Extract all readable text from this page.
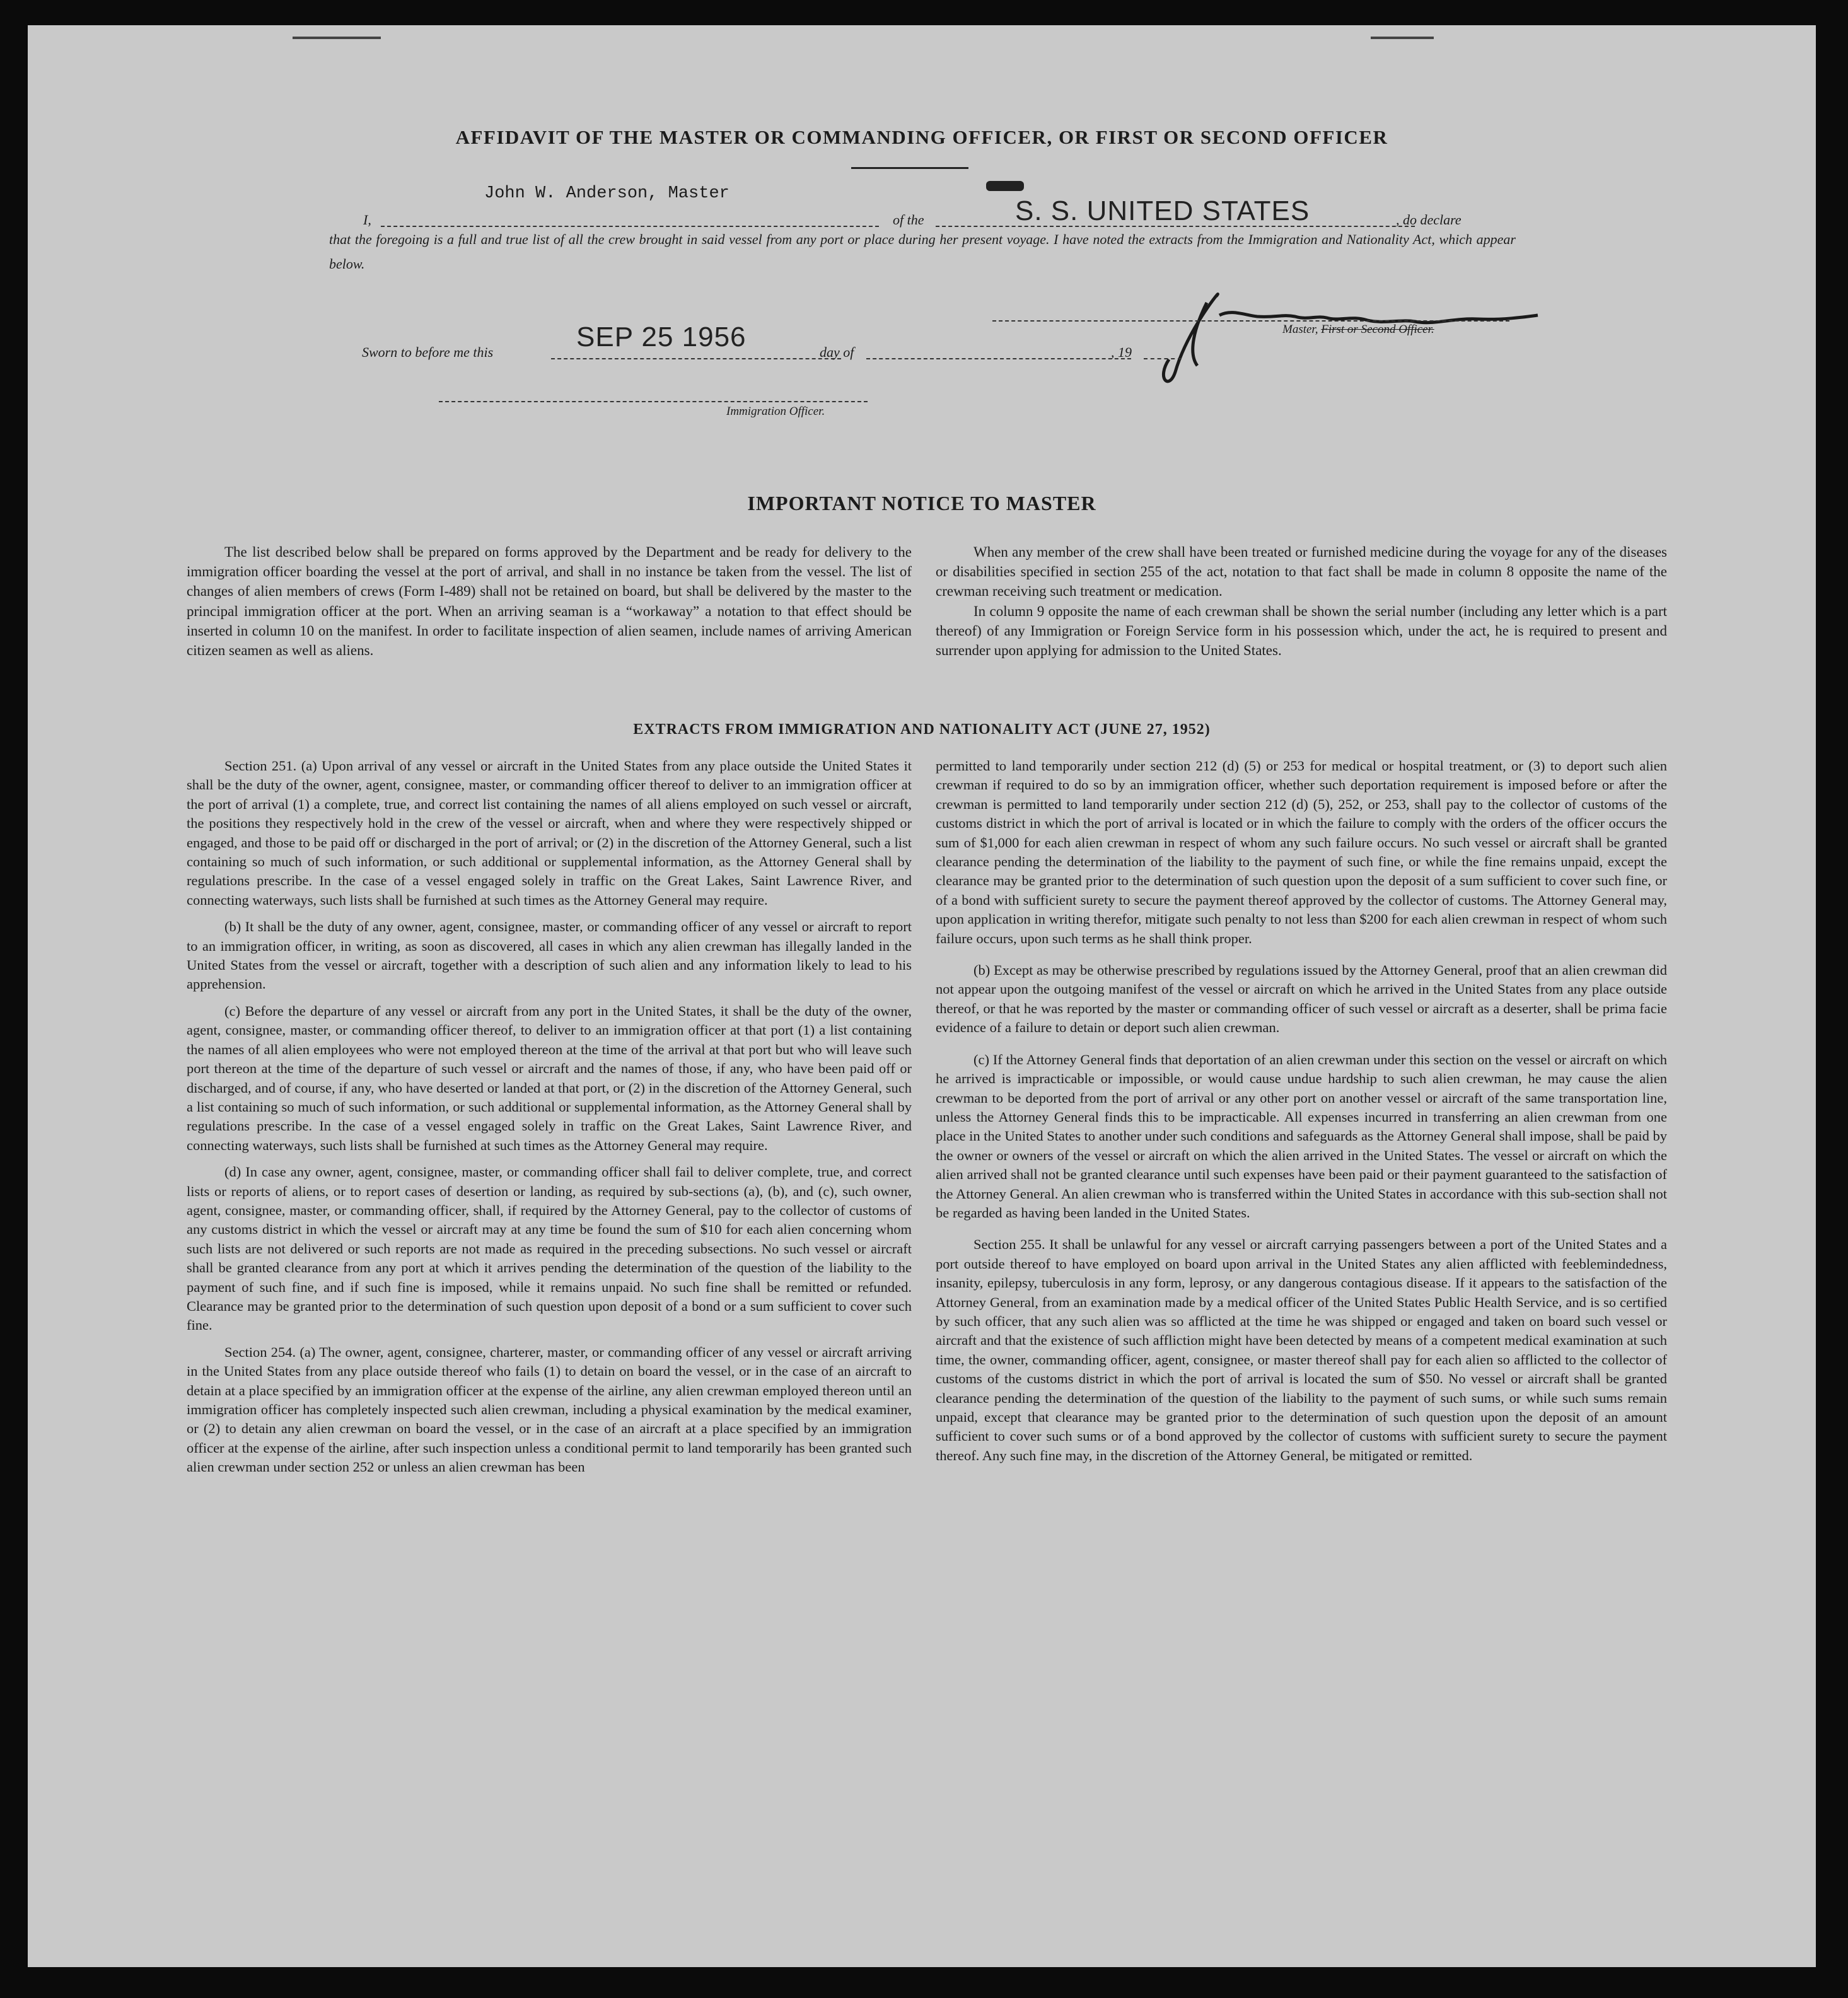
AFFIDAVIT OF THE MASTER OR COMMANDING OFFICER, OR FIRST OR SECOND OFFICER
I,
John W. Anderson, Master
of the	S. S. UNITED STATES	, do declare
that the foregoing is a full and true list of all the crew brought in said vessel from any port or place during her present voyage. I have noted the extracts from the Immigration and Nationality Act, which appear below.
Master, First or Second Officer.
Sworn to before me this	SEP 25 1956	day of	, 19
Immigration Officer.
IMPORTANT NOTICE TO MASTER

The list described below shall be prepared on forms approved by the Department and be ready for delivery to the immigration officer boarding the vessel at the port of arrival, and shall in no instance be taken from the vessel. The list of changes of alien members of crews (Form I-489) shall not be retained on board, but shall be delivered by the master to the principal immigration officer at the port. When an arriving seaman is a “workaway” a notation to that effect should be inserted in column 10 on the manifest. In order to facilitate inspection of alien seamen, include names of arriving American citizen seamen as well as aliens.

When any member of the crew shall have been treated or furnished medicine during the voyage for any of the diseases or disabilities specified in section 255 of the act, notation to that fact shall be made in column 8 opposite the name of the crewman receiving such treatment or medication.

In column 9 opposite the name of each crewman shall be shown the serial number (including any letter which is a part thereof) of any Immigration or Foreign Service form in his possession which, under the act, he is required to present and surrender upon applying for admission to the United States.

EXTRACTS FROM IMMIGRATION AND NATIONALITY ACT (JUNE 27, 1952)

Section 251. (a) Upon arrival of any vessel or aircraft in the United States from any place outside the United States it shall be the duty of the owner, agent, consignee, master, or commanding officer thereof to deliver to an immigration officer at the port of arrival (1) a complete, true, and correct list containing the names of all aliens employed on such vessel or aircraft, the positions they respectively hold in the crew of the vessel or aircraft, when and where they were respectively shipped or engaged, and those to be paid off or discharged in the port of arrival; or (2) in the discretion of the Attorney General, such a list containing so much of such information, or such additional or supplemental information, as the Attorney General shall by regulations prescribe. In the case of a vessel engaged solely in traffic on the Great Lakes, Saint Lawrence River, and connecting waterways, such lists shall be furnished at such times as the Attorney General may require.

(b) It shall be the duty of any owner, agent, consignee, master, or commanding officer of any vessel or aircraft to report to an immigration officer, in writing, as soon as discovered, all cases in which any alien crewman has illegally landed in the United States from the vessel or aircraft, together with a description of such alien and any information likely to lead to his apprehension.

(c) Before the departure of any vessel or aircraft from any port in the United States, it shall be the duty of the owner, agent, consignee, master, or commanding officer thereof, to deliver to an immigration officer at that port (1) a list containing the names of all alien employees who were not employed thereon at the time of the arrival at that port but who will leave such port thereon at the time of the departure of such vessel or aircraft and the names of those, if any, who have been paid off or discharged, and of course, if any, who have deserted or landed at that port, or (2) in the discretion of the Attorney General, such a list containing so much of such information, or such additional or supplemental information, as the Attorney General shall by regulations prescribe. In the case of a vessel engaged solely in traffic on the Great Lakes, Saint Lawrence River, and connecting waterways, such lists shall be furnished at such times as the Attorney General may require.

(d) In case any owner, agent, consignee, master, or commanding officer shall fail to deliver complete, true, and correct lists or reports of aliens, or to report cases of desertion or landing, as required by sub-sections (a), (b), and (c), such owner, agent, consignee, master, or commanding officer, shall, if required by the Attorney General, pay to the collector of customs of any customs district in which the vessel or aircraft may at any time be found the sum of $10 for each alien concerning whom such lists are not delivered or such reports are not made as required in the preceding subsections. No such vessel or aircraft shall be granted clearance from any port at which it arrives pending the determination of the question of the liability to the payment of such fine, and if such fine is imposed, while it remains unpaid. No such fine shall be remitted or refunded. Clearance may be granted prior to the determination of such question upon deposit of a bond or a sum sufficient to cover such fine.

Section 254. (a) The owner, agent, consignee, charterer, master, or commanding officer of any vessel or aircraft arriving in the United States from any place outside thereof who fails (1) to detain on board the vessel, or in the case of an aircraft to detain at a place specified by an immigration officer at the expense of the airline, any alien crewman employed thereon until an immigration officer has completely inspected such alien crewman, including a physical examination by the medical examiner, or (2) to detain any alien crewman on board the vessel, or in the case of an aircraft at a place specified by an immigration officer at the expense of the airline, after such inspection unless a conditional permit to land temporarily has been granted such alien crewman under section 252 or unless an alien crewman has been

permitted to land temporarily under section 212 (d) (5) or 253 for medical or hospital treatment, or (3) to deport such alien crewman if required to do so by an immigration officer, whether such deportation requirement is imposed before or after the crewman is permitted to land temporarily under section 212 (d) (5), 252, or 253, shall pay to the collector of customs of the customs district in which the port of arrival is located or in which the failure to comply with the orders of the officer occurs the sum of $1,000 for each alien crewman in respect of whom any such failure occurs. No such vessel or aircraft shall be granted clearance pending the determination of the liability to the payment of such fine, or while the fine remains unpaid, except the clearance may be granted prior to the determination of such question upon the deposit of a sum sufficient to cover such fine, or of a bond with sufficient surety to secure the payment thereof approved by the collector of customs. The Attorney General may, upon application in writing therefor, mitigate such penalty to not less than $200 for each alien crewman in respect of whom such failure occurs, upon such terms as he shall think proper.

(b) Except as may be otherwise prescribed by regulations issued by the Attorney General, proof that an alien crewman did not appear upon the outgoing manifest of the vessel or aircraft on which he arrived in the United States from any place outside thereof, or that he was reported by the master or commanding officer of such vessel or aircraft as a deserter, shall be prima facie evidence of a failure to detain or deport such alien crewman.

(c) If the Attorney General finds that deportation of an alien crewman under this section on the vessel or aircraft on which he arrived is impracticable or impossible, or would cause undue hardship to such alien crewman, he may cause the alien crewman to be deported from the port of arrival or any other port on another vessel or aircraft of the same transportation line, unless the Attorney General finds this to be impracticable. All expenses incurred in transferring an alien crewman from one place in the United States to another under such conditions and safeguards as the Attorney General shall impose, shall be paid by the owner or owners of the vessel or aircraft on which the alien arrived in the United States. The vessel or aircraft on which the alien arrived shall not be granted clearance until such expenses have been paid or their payment guaranteed to the satisfaction of the Attorney General. An alien crewman who is transferred within the United States in accordance with this sub-section shall not be regarded as having been landed in the United States.

Section 255. It shall be unlawful for any vessel or aircraft carrying passengers between a port of the United States and a port outside thereof to have employed on board upon arrival in the United States any alien afflicted with feeblemindedness, insanity, epilepsy, tuberculosis in any form, leprosy, or any dangerous contagious disease. If it appears to the satisfaction of the Attorney General, from an examination made by a medical officer of the United States Public Health Service, and is so certified by such officer, that any such alien was so afflicted at the time he was shipped or engaged and taken on board such vessel or aircraft and that the existence of such affliction might have been detected by means of a competent medical examination at such time, the owner, commanding officer, agent, consignee, or master thereof shall pay for each alien so afflicted to the collector of customs of the customs district in which the port of arrival is located the sum of $50. No vessel or aircraft shall be granted clearance pending the determination of the question of the liability to the payment of such sums, or while such sums remain unpaid, except that clearance may be granted prior to the determination of such question upon the deposit of an amount sufficient to cover such sums or of a bond approved by the collector of customs with sufficient surety to secure the payment thereof. Any such fine may, in the discretion of the Attorney General, be mitigated or remitted.
